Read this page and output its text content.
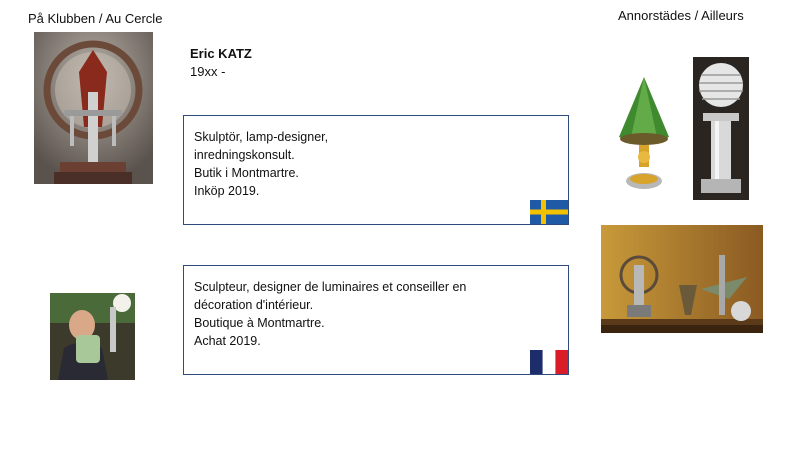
På Klubben / Au Cercle	Annorstädes / Ailleurs
Eric KATZ
19xx -
Skulptör, lamp-designer,
inredningskonsult.
Butik i Montmartre.
Inköp 2019.
Sculpteur, designer de luminaires et conseiller en
décoration d'intérieur.
Boutique à Montmartre.
Achat 2019.
